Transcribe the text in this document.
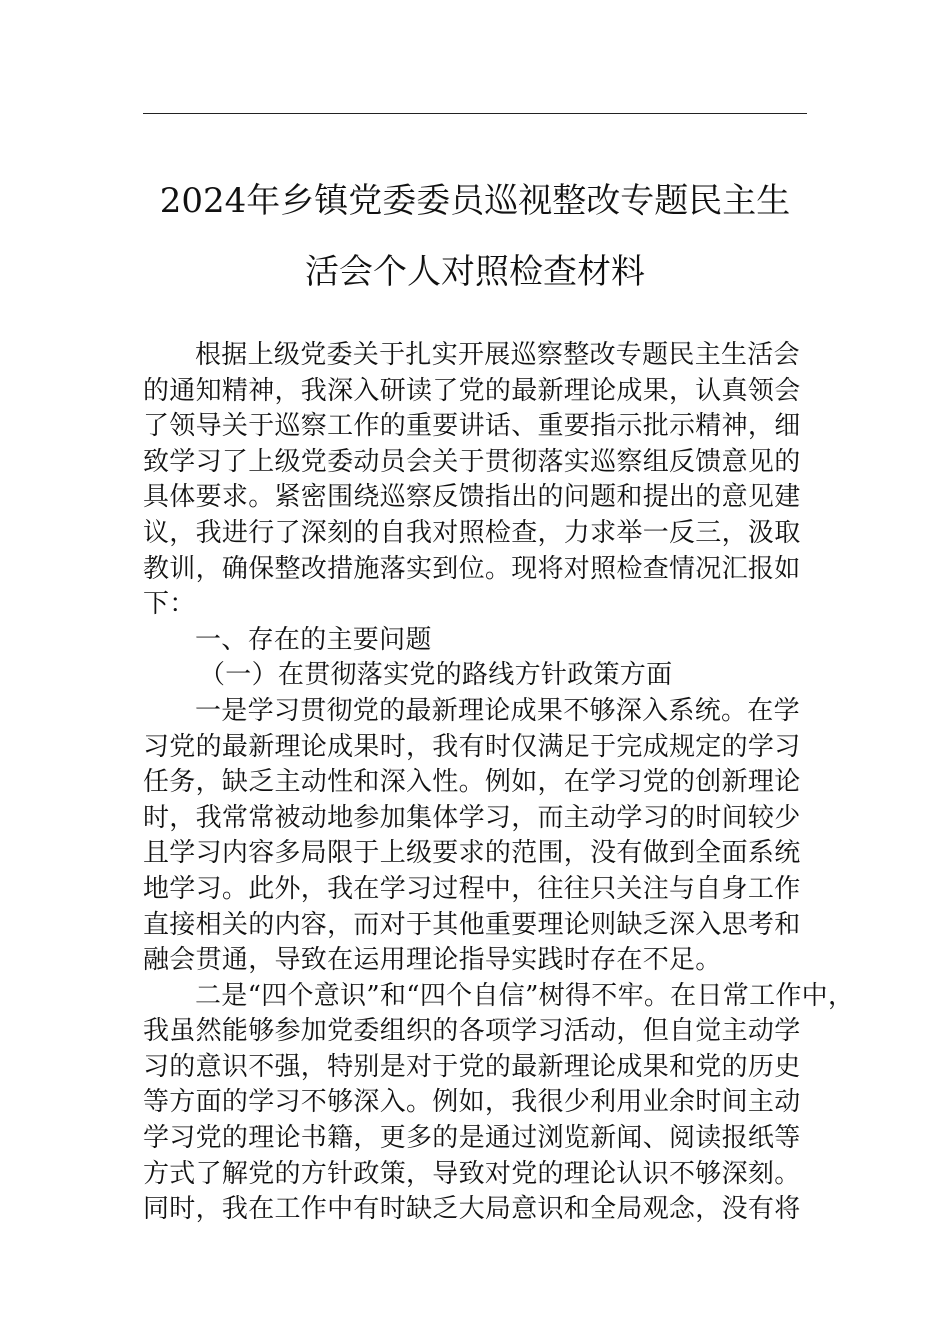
2024年乡镇党委委员巡视整改专题民主生
活会个人对照检查材料
根据上级党委关于扎实开展巡察整改专题民主生活会
的通知精神，我深入研读了党的最新理论成果，认真领会
了领导关于巡察工作的重要讲话、重要指示批示精神，细
致学习了上级党委动员会关于贯彻落实巡察组反馈意见的
具体要求。紧密围绕巡察反馈指出的问题和提出的意见建
议，我进行了深刻的自我对照检查，力求举一反三，汲取
教训，确保整改措施落实到位。现将对照检查情况汇报如
下：
一、存在的主要问题
（一）在贯彻落实党的路线方针政策方面
一是学习贯彻党的最新理论成果不够深入系统。在学
习党的最新理论成果时，我有时仅满足于完成规定的学习
任务，缺乏主动性和深入性。例如，在学习党的创新理论
时，我常常被动地参加集体学习，而主动学习的时间较少
且学习内容多局限于上级要求的范围，没有做到全面系统
地学习。此外，我在学习过程中，往往只关注与自身工作
直接相关的内容，而对于其他重要理论则缺乏深入思考和
融会贯通，导致在运用理论指导实践时存在不足。
二是“四个意识”和“四个自信”树得不牢。在日常工作中，
我虽然能够参加党委组织的各项学习活动，但自觉主动学
习的意识不强，特别是对于党的最新理论成果和党的历史
等方面的学习不够深入。例如，我很少利用业余时间主动
学习党的理论书籍，更多的是通过浏览新闻、阅读报纸等
方式了解党的方针政策，导致对党的理论认识不够深刻。
同时，我在工作中有时缺乏大局意识和全局观念，没有将
